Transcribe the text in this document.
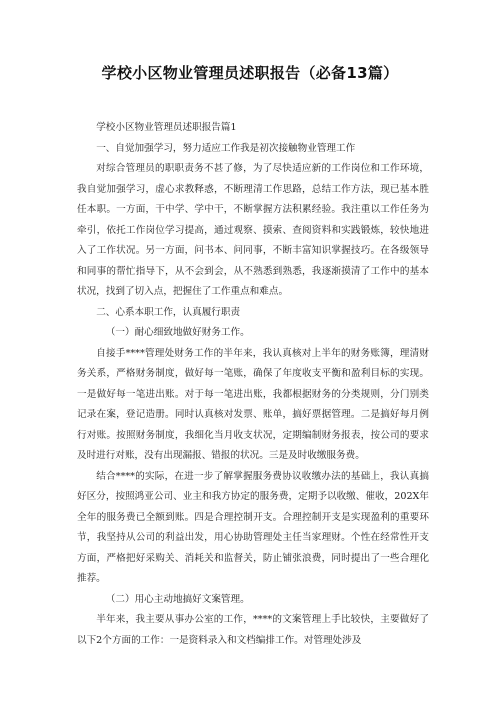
学校小区物业管理员述职报告（必备13篇）

学校小区物业管理员述职报告篇1

一、自觉加强学习，努力适应工作我是初次接触物业管理工作

对综合管理员的职职责务不甚了修，为了尽快适应新的工作岗位和工作环境，我自觉加强学习，虚心求教释惑，不断理清工作思路，总结工作方法，现已基本胜任本职。一方面，干中学、学中干，不断掌握方法积累经验。我注重以工作任务为牵引，依托工作岗位学习提高，通过观察、摸索、查阅资料和实践锻炼，较快地进入了工作状况。另一方面，问书本、问同事，不断丰富知识掌握技巧。在各级领导和同事的帮忙指导下，从不会到会，从不熟悉到熟悉，我逐渐摸清了工作中的基本状况，找到了切入点，把握住了工作重点和难点。

二、心系本职工作，认真履行职责

（一）耐心细致地做好财务工作。

自接手****管理处财务工作的半年来，我认真核对上半年的财务账簿，理清财务关系，严格财务制度，做好每一笔账，确保了年度收支平衡和盈利目标的实现。一是做好每一笔进出账。对于每一笔进出账，我都根据财务的分类规则，分门别类记录在案，登记造册。同时认真核对发票、账单，搞好票据管理。二是搞好每月例行对账。按照财务制度，我细化当月收支状况，定期编制财务报表，按公司的要求及时进行对账，没有出现漏报、错报的状况。三是及时收缴服务费。

结合****的实际，在进一步了解掌握服务费协议收缴办法的基础上，我认真搞好区分，按照鸿亚公司、业主和我方协定的服务费，定期予以收缴、催收，202X年全年的服务费已全额到账。四是合理控制开支。合理控制开支是实现盈利的重要环节，我坚持从公司的利益出发，用心协助管理处主任当家理财。个性在经常性开支方面，严格把好采购关、消耗关和监督关，防止铺张浪费，同时提出了一些合理化推荐。

（二）用心主动地搞好文案管理。

半年来，我主要从事办公室的工作，****的文案管理上手比较快，主要做好了以下2个方面的工作：一是资料录入和文档编排工作。对管理处涉及
